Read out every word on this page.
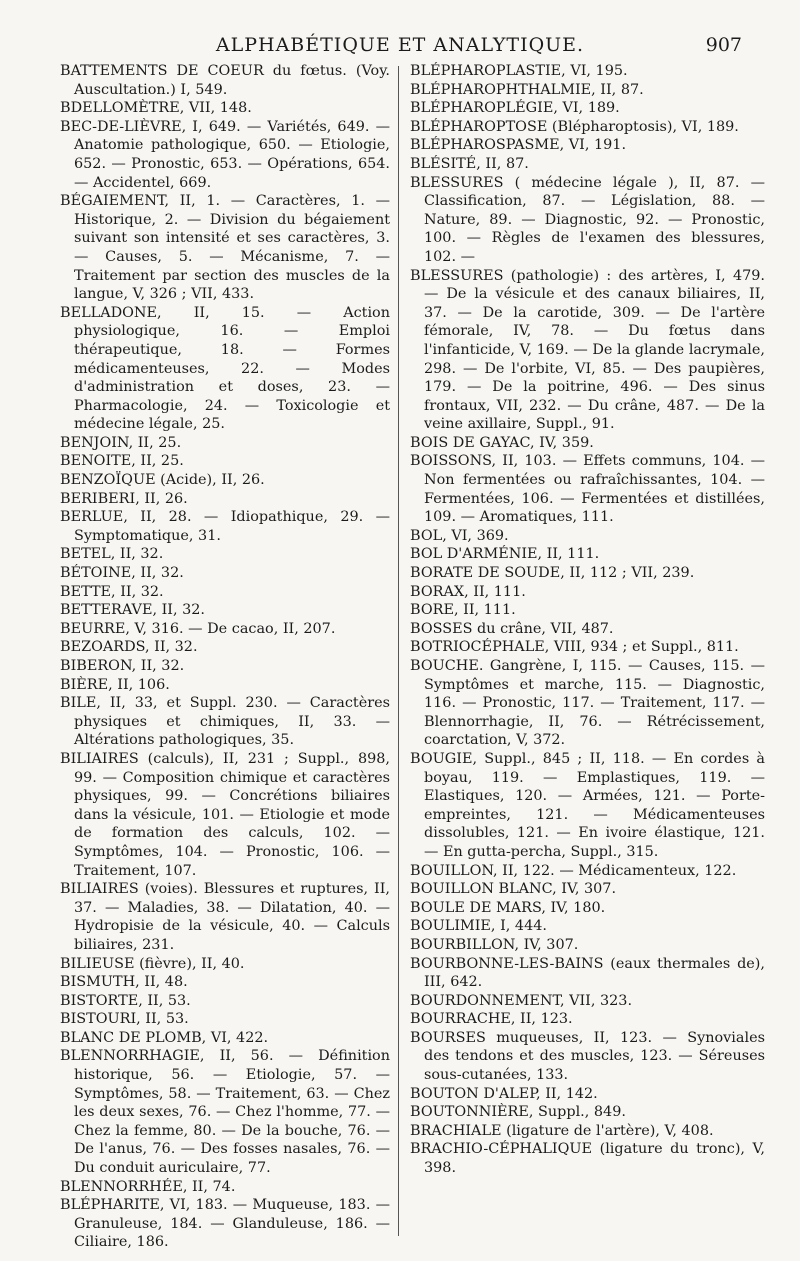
ALPHABÉTIQUE ET ANALYTIQUE.	907
BATTEMENTS DE COEUR du fœtus. (Voy. Auscultation.) I, 549.
BDELLOMÈTRE, VII, 148.
BEC-DE-LIÈVRE, I, 649. — Variétés, 649. — Anatomie pathologique, 650. — Etiologie, 652. — Pronostic, 653. — Opérations, 654. — Accidentel, 669.
BÉGAIEMENT, II, 1. — Caractères, 1. — Historique, 2. — Division du bégaiement suivant son intensité et ses caractères, 3. — Causes, 5. — Mécanisme, 7. — Traitement par section des muscles de la langue, V, 326 ; VII, 433.
BELLADONE, II, 15. — Action physiologique, 16. — Emploi thérapeutique, 18. — Formes médicamenteuses, 22. — Modes d'administration et doses, 23. — Pharmacologie, 24. — Toxicologie et médecine légale, 25.
BENJOIN, II, 25.
BENOITE, II, 25.
BENZOÏQUE (Acide), II, 26.
BERIBERI, II, 26.
BERLUE, II, 28. — Idiopathique, 29. — Symptomatique, 31.
BETEL, II, 32.
BÉTOINE, II, 32.
BETTE, II, 32.
BETTERAVE, II, 32.
BEURRE, V, 316. — De cacao, II, 207.
BEZOARDS, II, 32.
BIBERON, II, 32.
BIÈRE, II, 106.
BILE, II, 33, et Suppl. 230. — Caractères physiques et chimiques, II, 33. — Altérations pathologiques, 35.
BILIAIRES (calculs), II, 231 ; Suppl., 898, 99. — Composition chimique et caractères physiques, 99. — Concrétions biliaires dans la vésicule, 101. — Etiologie et mode de formation des calculs, 102. — Symptômes, 104. — Pronostic, 106. — Traitement, 107.
BILIAIRES (voies). Blessures et ruptures, II, 37. — Maladies, 38. — Dilatation, 40. — Hydropisie de la vésicule, 40. — Calculs biliaires, 231.
BILIEUSE (fièvre), II, 40.
BISMUTH, II, 48.
BISTORTE, II, 53.
BISTOURI, II, 53.
BLANC DE PLOMB, VI, 422.
BLENNORRHAGIE, II, 56. — Définition historique, 56. — Etiologie, 57. — Symptômes, 58. — Traitement, 63. — Chez les deux sexes, 76. — Chez l'homme, 77. — Chez la femme, 80. — De la bouche, 76. — De l'anus, 76. — Des fosses nasales, 76. — Du conduit auriculaire, 77.
BLENNORRHÉE, II, 74.
BLÉPHARITE, VI, 183. — Muqueuse, 183. — Granuleuse, 184. — Glanduleuse, 186. — Ciliaire, 186.
BLÉPHAROPLASTIE, VI, 195.
BLÉPHAROPHTHALMIE, II, 87.
BLÉPHAROPLÉGIE, VI, 189.
BLÉPHAROPTOSE (Blépharoptosis), VI, 189.
BLÉPHAROSPASME, VI, 191.
BLÉSITÉ, II, 87.
BLESSURES ( médecine légale ), II, 87. — Classification, 87. — Législation, 88. — Nature, 89. — Diagnostic, 92. — Pronostic, 100. — Règles de l'examen des blessures, 102. —
BLESSURES (pathologie) : des artères, I, 479. — De la vésicule et des canaux biliaires, II, 37. — De la carotide, 309. — De l'artère fémorale, IV, 78. — Du fœtus dans l'infanticide, V, 169. — De la glande lacrymale, 298. — De l'orbite, VI, 85. — Des paupières, 179. — De la poitrine, 496. — Des sinus frontaux, VII, 232. — Du crâne, 487. — De la veine axillaire, Suppl., 91.
BOIS DE GAYAC, IV, 359.
BOISSONS, II, 103. — Effets communs, 104. — Non fermentées ou rafraîchissantes, 104. — Fermentées, 106. — Fermentées et distillées, 109. — Aromatiques, 111.
BOL, VI, 369.
BOL D'ARMÉNIE, II, 111.
BORATE DE SOUDE, II, 112 ; VII, 239.
BORAX, II, 111.
BORE, II, 111.
BOSSES du crâne, VII, 487.
BOTRIOCÉPHALE, VIII, 934 ; et Suppl., 811.
BOUCHE. Gangrène, I, 115. — Causes, 115. — Symptômes et marche, 115. — Diagnostic, 116. — Pronostic, 117. — Traitement, 117. — Blennorrhagie, II, 76. — Rétrécissement, coarctation, V, 372.
BOUGIE, Suppl., 845 ; II, 118. — En cordes à boyau, 119. — Emplastiques, 119. — Elastiques, 120. — Armées, 121. — Porte-empreintes, 121. — Médicamenteuses dissolubles, 121. — En ivoire élastique, 121. — En gutta-percha, Suppl., 315.
BOUILLON, II, 122. — Médicamenteux, 122.
BOUILLON BLANC, IV, 307.
BOULE DE MARS, IV, 180.
BOULIMIE, I, 444.
BOURBILLON, IV, 307.
BOURBONNE-LES-BAINS (eaux thermales de), III, 642.
BOURDONNEMENT, VII, 323.
BOURRACHE, II, 123.
BOURSES muqueuses, II, 123. — Synoviales des tendons et des muscles, 123. — Séreuses sous-cutanées, 133.
BOUTON D'ALEP, II, 142.
BOUTONNIÈRE, Suppl., 849.
BRACHIALE (ligature de l'artère), V, 408.
BRACHIO-CÉPHALIQUE (ligature du tronc), V, 398.
